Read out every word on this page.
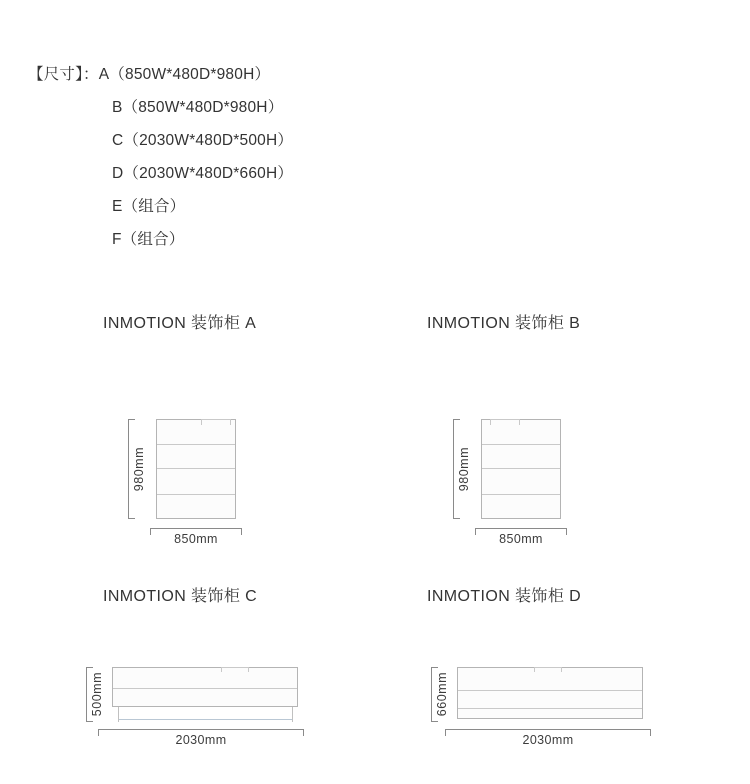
【尺寸】：A（850W*480D*980H）
B（850W*480D*980H）
C（2030W*480D*500H）
D（2030W*480D*660H）
E（组合）
F（组合）
INMOTION 装饰柜 A
980mm
850mm
INMOTION 装饰柜 B
980mm
850mm
INMOTION 装饰柜 C
500mm
2030mm
INMOTION 装饰柜 D
660mm
2030mm
